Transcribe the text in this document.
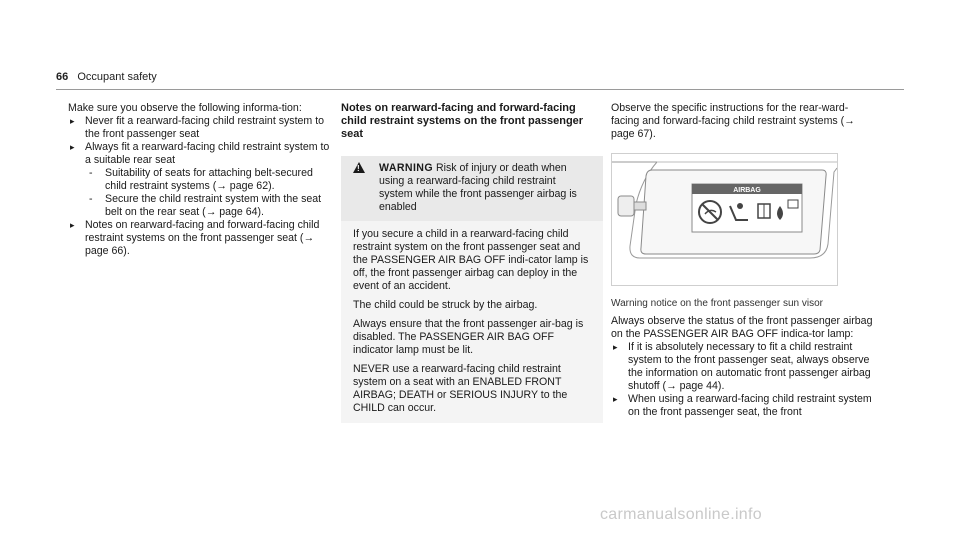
66 Occupant safety

Make sure you observe the following informa-tion:

▸ Never fit a rearward-facing child restraint system to the front passenger seat
▸ Always fit a rearward-facing child restraint system to a suitable rear seat
- Suitability of seats for attaching belt-secured child restraint systems (→ page 62).
- Secure the child restraint system with the seat belt on the rear seat (→ page 64).
▸ Notes on rearward-facing and forward-facing child restraint systems on the front passenger seat (→ page 66).

Notes on rearward-facing and forward-facing child restraint systems on the front passenger seat

!
WARNING Risk of injury or death when using a rearward-facing child restraint system while the front passenger airbag is enabled

If you secure a child in a rearward-facing child restraint system on the front passenger seat and the PASSENGER AIR BAG OFF indi-cator lamp is off, the front passenger airbag can deploy in the event of an accident.

The child could be struck by the airbag.

Always ensure that the front passenger air-bag is disabled. The PASSENGER AIR BAG OFF indicator lamp must be lit.

NEVER use a rearward-facing child restraint system on a seat with an ENABLED FRONT AIRBAG; DEATH or SERIOUS INJURY to the CHILD can occur.

Observe the specific instructions for the rear-ward-facing and forward-facing child restraint systems (→ page 67).

AIRBAG

Warning notice on the front passenger sun visor

Always observe the status of the front passenger airbag on the PASSENGER AIR BAG OFF indica-tor lamp:

▸ If it is absolutely necessary to fit a child restraint system to the front passenger seat, always observe the information on automatic front passenger airbag shutoff (→ page 44).
▸ When using a rearward-facing child restraint system on the front passenger seat, the front
carmanualsonline.info
